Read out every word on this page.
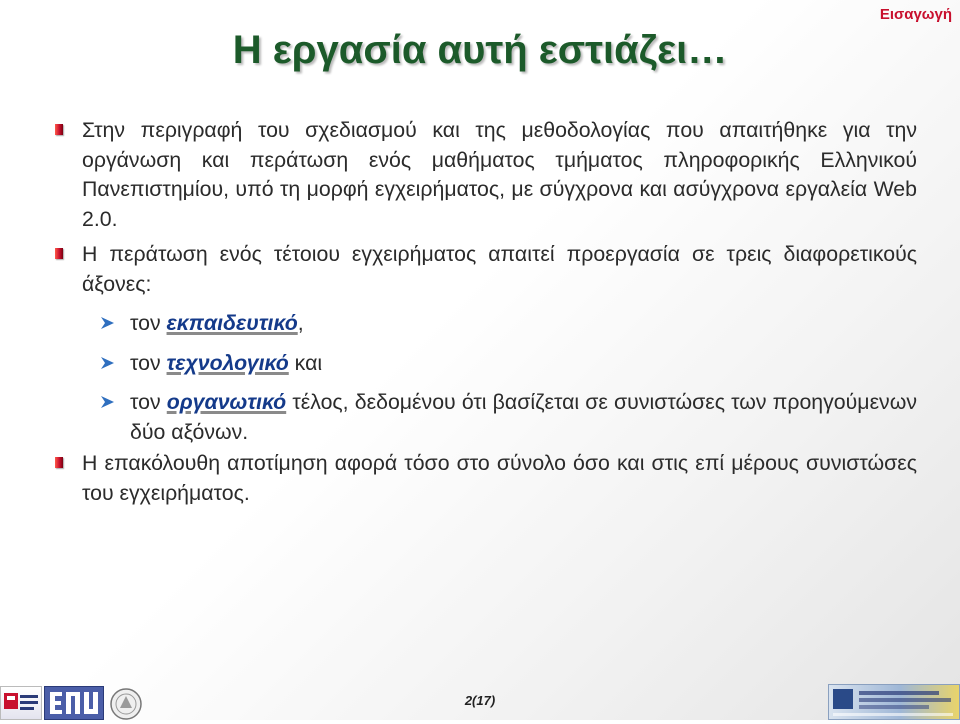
Εισαγωγή
Η εργασία αυτή εστιάζει…
Στην περιγραφή του σχεδιασμού και της μεθοδολογίας που απαιτήθηκε για την οργάνωση και περάτωση ενός μαθήματος τμήματος πληροφορικής Ελληνικού Πανεπιστημίου, υπό τη μορφή εγχειρήματος, με σύγχρονα και ασύγχρονα εργαλεία Web 2.0.
Η περάτωση ενός τέτοιου εγχειρήματος απαιτεί προεργασία σε τρεις διαφορετικούς άξονες:
τον εκπαιδευτικό,
τον τεχνολογικό και
τον οργανωτικό τέλος, δεδομένου ότι βασίζεται σε συνιστώσες των προηγούμενων δύο αξόνων.
Η επακόλουθη αποτίμηση αφορά τόσο στο σύνολο όσο και στις επί μέρους συνιστώσες του εγχειρήματος.
2(17)
